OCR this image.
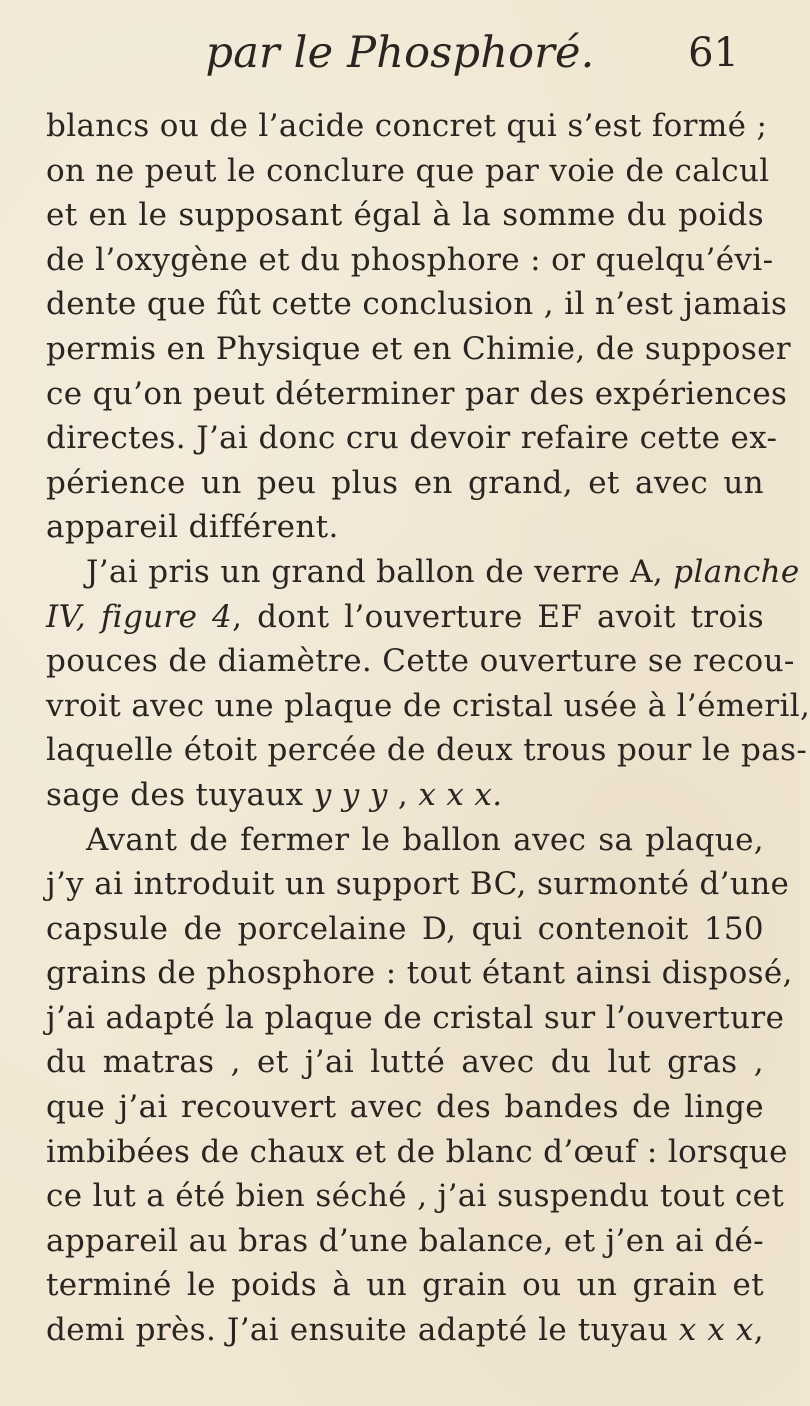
par le Phosphoré.	61
blancs ou de l’acide concret qui s’est formé ;
on ne peut le conclure que par voie de calcul
et en le supposant égal à la somme du poids
de l’oxygène et du phosphore : or quelqu’évi-
dente que fût cette conclusion , il n’est jamais
permis en Physique et en Chimie, de supposer
ce qu’on peut déterminer par des expériences
directes. J’ai donc cru devoir refaire cette ex-
périence un peu plus en grand, et avec un
appareil différent.
J’ai pris un grand ballon de verre A, planche
IV, figure 4, dont l’ouverture EF avoit trois
pouces de diamètre. Cette ouverture se recou-
vroit avec une plaque de cristal usée à l’émeril,
laquelle étoit percée de deux trous pour le pas-
sage des tuyaux y y y , x x x.
Avant de fermer le ballon avec sa plaque,
j’y ai introduit un support BC, surmonté d’une
capsule de porcelaine D, qui contenoit 150
grains de phosphore : tout étant ainsi disposé,
j’ai adapté la plaque de cristal sur l’ouverture
du matras , et j’ai lutté avec du lut gras ,
que j’ai recouvert avec des bandes de linge
imbibées de chaux et de blanc d’œuf : lorsque
ce lut a été bien séché , j’ai suspendu tout cet
appareil au bras d’une balance, et j’en ai dé-
terminé le poids à un grain ou un grain et
demi près. J’ai ensuite adapté le tuyau x x x,
